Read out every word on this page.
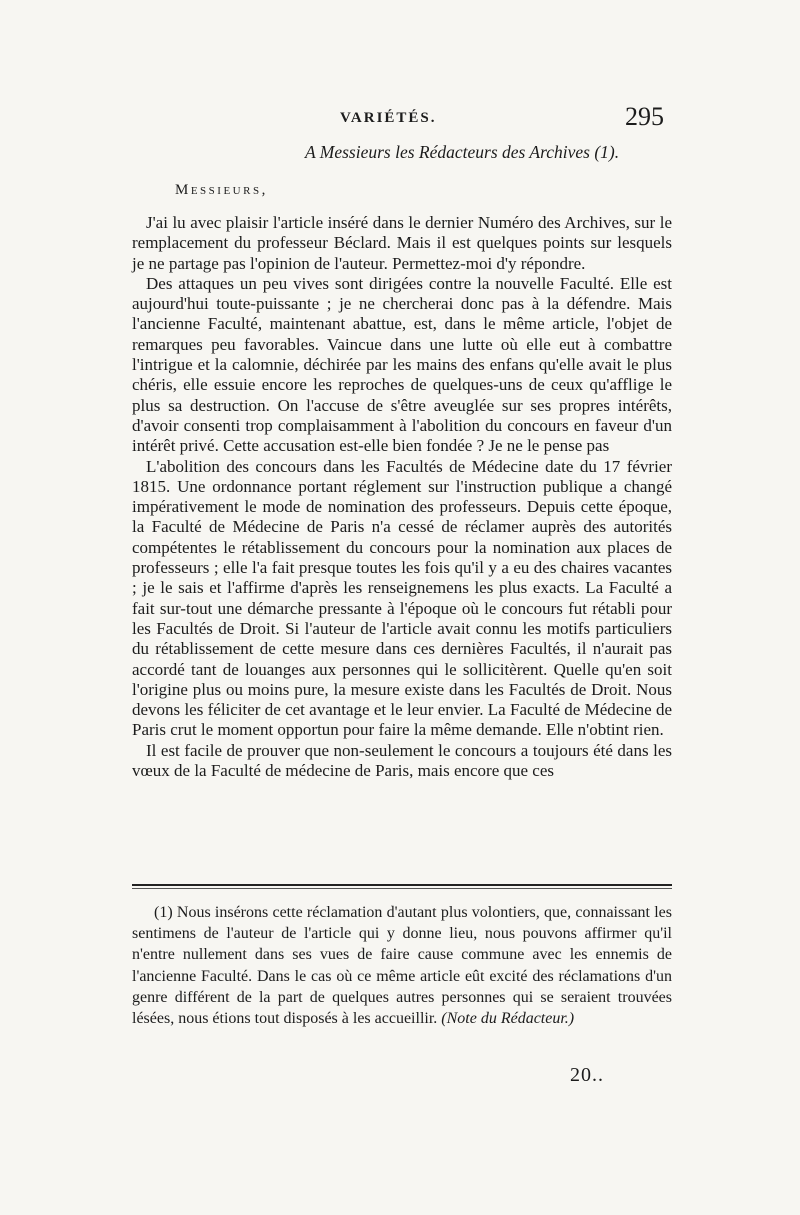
VARIÉTÉS.	295
A Messieurs les Rédacteurs des Archives (1).
Messieurs,

J'ai lu avec plaisir l'article inséré dans le dernier Numéro des Archives, sur le remplacement du professeur Béclard. Mais il est quelques points sur lesquels je ne partage pas l'opinion de l'auteur. Permettez-moi d'y répondre.

Des attaques un peu vives sont dirigées contre la nouvelle Faculté. Elle est aujourd'hui toute-puissante ; je ne chercherai donc pas à la défendre. Mais l'ancienne Faculté, maintenant abattue, est, dans le même article, l'objet de remarques peu favorables. Vaincue dans une lutte où elle eut à combattre l'intrigue et la calomnie, déchirée par les mains des enfans qu'elle avait le plus chéris, elle essuie encore les reproches de quelques-uns de ceux qu'afflige le plus sa destruction. On l'accuse de s'être aveuglée sur ses propres intérêts, d'avoir consenti trop complaisamment à l'abolition du concours en faveur d'un intérêt privé. Cette accusation est-elle bien fondée ? Je ne le pense pas

L'abolition des concours dans les Facultés de Médecine date du 17 février 1815. Une ordonnance portant réglement sur l'instruction publique a changé impérativement le mode de nomination des professeurs. Depuis cette époque, la Faculté de Médecine de Paris n'a cessé de réclamer auprès des autorités compétentes le rétablissement du concours pour la nomination aux places de professeurs ; elle l'a fait presque toutes les fois qu'il y a eu des chaires vacantes ; je le sais et l'affirme d'après les renseignemens les plus exacts. La Faculté a fait sur-tout une démarche pressante à l'époque où le concours fut rétabli pour les Facultés de Droit. Si l'auteur de l'article avait connu les motifs particuliers du rétablissement de cette mesure dans ces dernières Facultés, il n'aurait pas accordé tant de louanges aux personnes qui le sollicitèrent. Quelle qu'en soit l'origine plus ou moins pure, la mesure existe dans les Facultés de Droit. Nous devons les féliciter de cet avantage et le leur envier. La Faculté de Médecine de Paris crut le moment opportun pour faire la même demande. Elle n'obtint rien.

Il est facile de prouver que non-seulement le concours a toujours été dans les vœux de la Faculté de médecine de Paris, mais encore que ces

(1) Nous insérons cette réclamation d'autant plus volontiers, que, connaissant les sentimens de l'auteur de l'article qui y donne lieu, nous pouvons affirmer qu'il n'entre nullement dans ses vues de faire cause commune avec les ennemis de l'ancienne Faculté. Dans le cas où ce même article eût excité des réclamations d'un genre différent de la part de quelques autres personnes qui se seraient trouvées lésées, nous étions tout disposés à les accueillir. (Note du Rédacteur.)

20..
